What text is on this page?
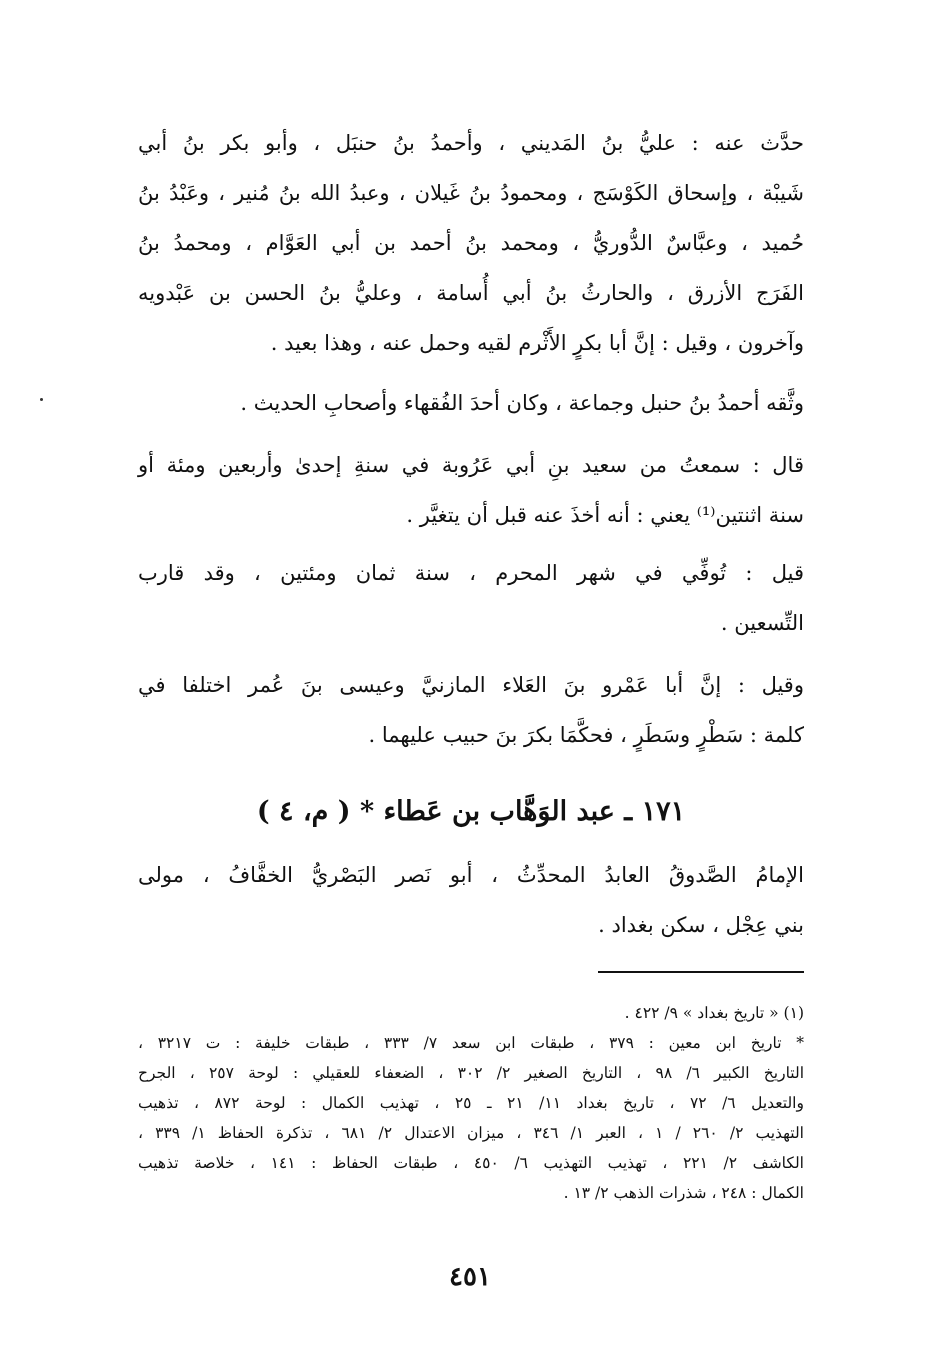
حدَّث عنه : عليُّ بنُ المَديني ، وأحمدُ بنُ حنبَل ، وأبو بكر بنُ أبي
شَيبْة ، وإسحاق الكَوْسَج ، ومحمودُ بنُ غَيلان ، وعبدُ الله بنُ مُنير ، وعَبْدُ بنُ
حُميد ، وعبَّاسٌ الدُّوريُّ ، ومحمد بنُ أحمد بن أبي العَوَّام ، ومحمدُ بنُ
الفَرَج الأزرق ، والحارثُ بنُ أبي أُسامة ، وعليُّ بنُ الحسن بن عَبْدويه
وآخرون ، وقيل : إنَّ أبا بكرٍ الأَثْرم لقيه وحمل عنه ، وهذا بعيد .
وثَّقه أحمدُ بنُ حنبل وجماعة ، وكان أحدَ الفُقهاء وأصحابِ الحديث .
قال : سمعتُ من سعيد بنِ أبي عَرُوبة في سنةِ إحدىٰ وأربعين ومئة أو
سنة اثنتين⁽¹⁾ يعني : أنه أخذَ عنه قبل أن يتغيَّر .
قيل : تُوفِّي في شهر المحرم ، سنة ثمان ومئتين ، وقد قارب
التِّسعين .
وقيل : إنَّ أبا عَمْرو بنَ العَلاء المازنيَّ وعيسى بنَ عُمر اختلفا في
كلمة : سَطْرٍ وسَطَرٍ ، فحكَّمَا بكرَ بنَ حبيب عليهما .
١٧١ ـ عبد الوَهَّاب بن عَطاء * ( م، ٤ )
الإمامُ الصَّدوقُ العابدُ المحدِّثُ ، أبو نَصر البَصْريُّ الخفَّافُ ، مولى
بني عِجْل ، سكن بغداد .
(١) « تاريخ بغداد » ٩/ ٤٢٢ .
* تاريخ ابن معين : ٣٧٩ ، طبقات ابن سعد ٧/ ٣٣٣ ، طبقات خليفة : ت ٣٢١٧ ،
التاريخ الكبير ٦/ ٩٨ ، التاريخ الصغير ٢/ ٣٠٢ ، الضعفاء للعقيلي : لوحة ٢٥٧ ، الجرح
والتعديل ٦/ ٧٢ ، تاريخ بغداد ١١/ ٢١ ـ ٢٥ ، تهذيب الكمال : لوحة ٨٧٢ ، تذهيب
التهذيب ٢/ ٢٦٠ / ١ ، العبر ١/ ٣٤٦ ، ميزان الاعتدال ٢/ ٦٨١ ، تذكرة الحفاظ ١/ ٣٣٩ ،
الكاشف ٢/ ٢٢١ ، تهذيب التهذيب ٦/ ٤٥٠ ، طبقات الحفاظ : ١٤١ ، خلاصة تذهيب
الكمال : ٢٤٨ ، شذرات الذهب ٢/ ١٣ .
٤٥١
